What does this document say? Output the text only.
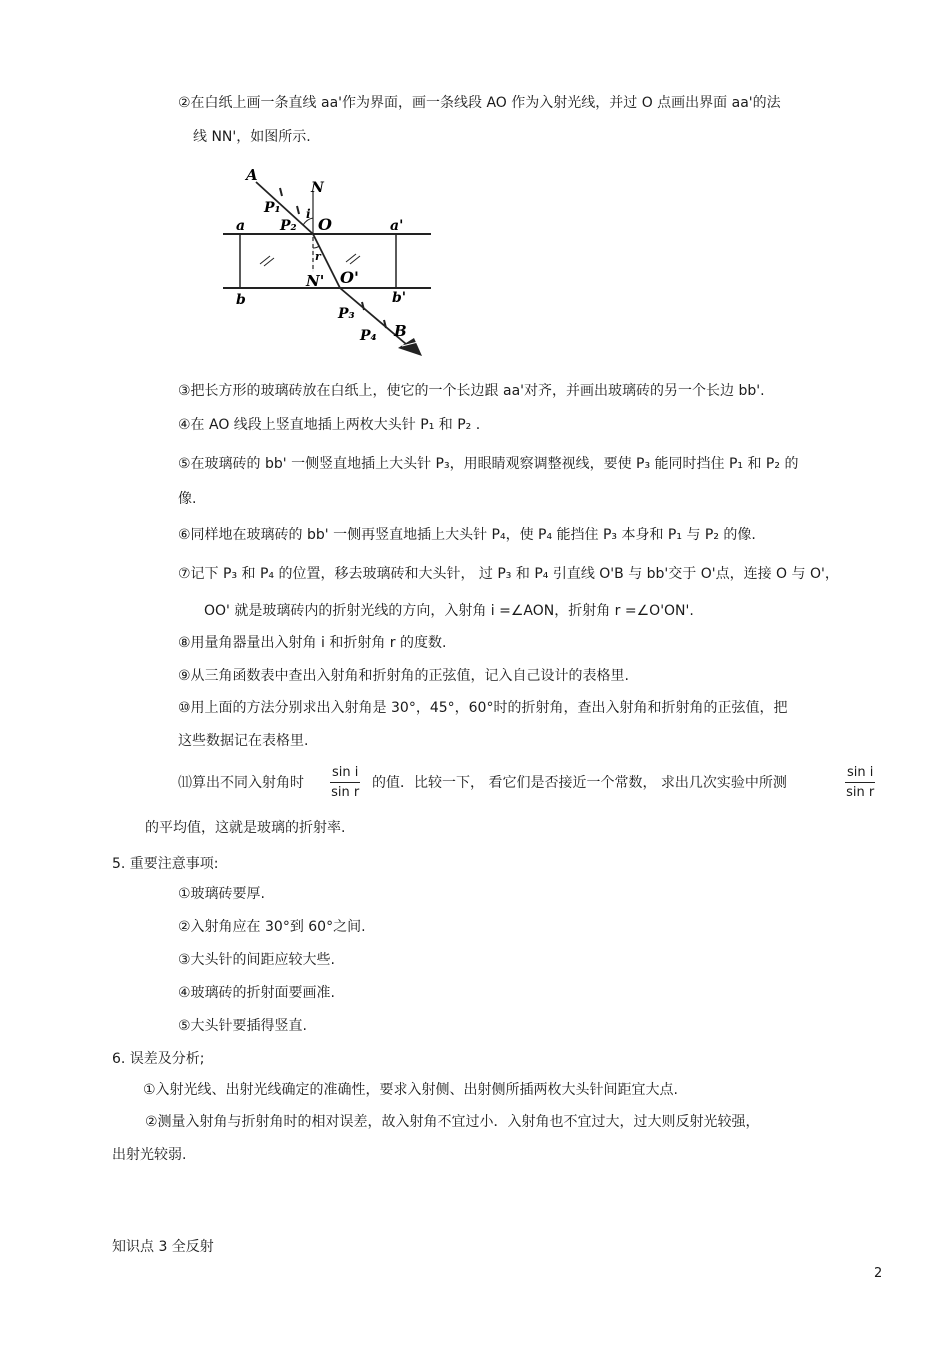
②在白纸上画一条直线 aa'作为界面，画一条线段 AO 作为入射光线，并过 O 点画出界面 aa'的法
线 NN'，如图所示.
A
N
P₁
P₂
i
O
a	a'
r
N' O'
b	b'
P₃
P₄ B
③把长方形的玻璃砖放在白纸上，使它的一个长边跟 aa'对齐，并画出玻璃砖的另一个长边 bb'.
④在 AO 线段上竖直地插上两枚大头针 P₁ 和 P₂ .
⑤在玻璃砖的 bb' 一侧竖直地插上大头针 P₃，用眼睛观察调整视线，要使 P₃ 能同时挡住 P₁ 和 P₂ 的
像.
⑥同样地在玻璃砖的 bb' 一侧再竖直地插上大头针 P₄，使 P₄ 能挡住 P₃ 本身和 P₁ 与 P₂ 的像.
⑦记下 P₃ 和 P₄ 的位置，移去玻璃砖和大头针， 过 P₃ 和 P₄ 引直线 O'B 与 bb'交于 O'点，连接 O 与 O'，
OO' 就是玻璃砖内的折射光线的方向，入射角 i =∠AON，折射角 r =∠O'ON'.
⑧用量角器量出入射角 i 和折射角 r 的度数.
⑨从三角函数表中查出入射角和折射角的正弦值，记入自己设计的表格里.
⑩用上面的方法分别求出入射角是 30°，45°，60°时的折射角，查出入射角和折射角的正弦值，把
这些数据记在表格里.
⑾算出不同入射角时 $\frac{\text{sin i}}{\text{sin r}}$ 的值．比较一下， 看它们是否接近一个常数， 求出几次实验中所测	$\frac{\text{sin i}}{\text{sin r}}$
的平均值，这就是玻璃的折射率.
5. 重要注意事项:
①玻璃砖要厚.
②入射角应在 30°到 60°之间.
③大头针的间距应较大些.
④玻璃砖的折射面要画准.
⑤大头针要插得竖直.
6. 误差及分析;
①入射光线、出射光线确定的准确性，要求入射侧、出射侧所插两枚大头针间距宜大点.
②测量入射角与折射角时的相对误差，故入射角不宜过小．入射角也不宜过大，过大则反射光较强，
出射光较弱.
知识点 3 全反射
2
